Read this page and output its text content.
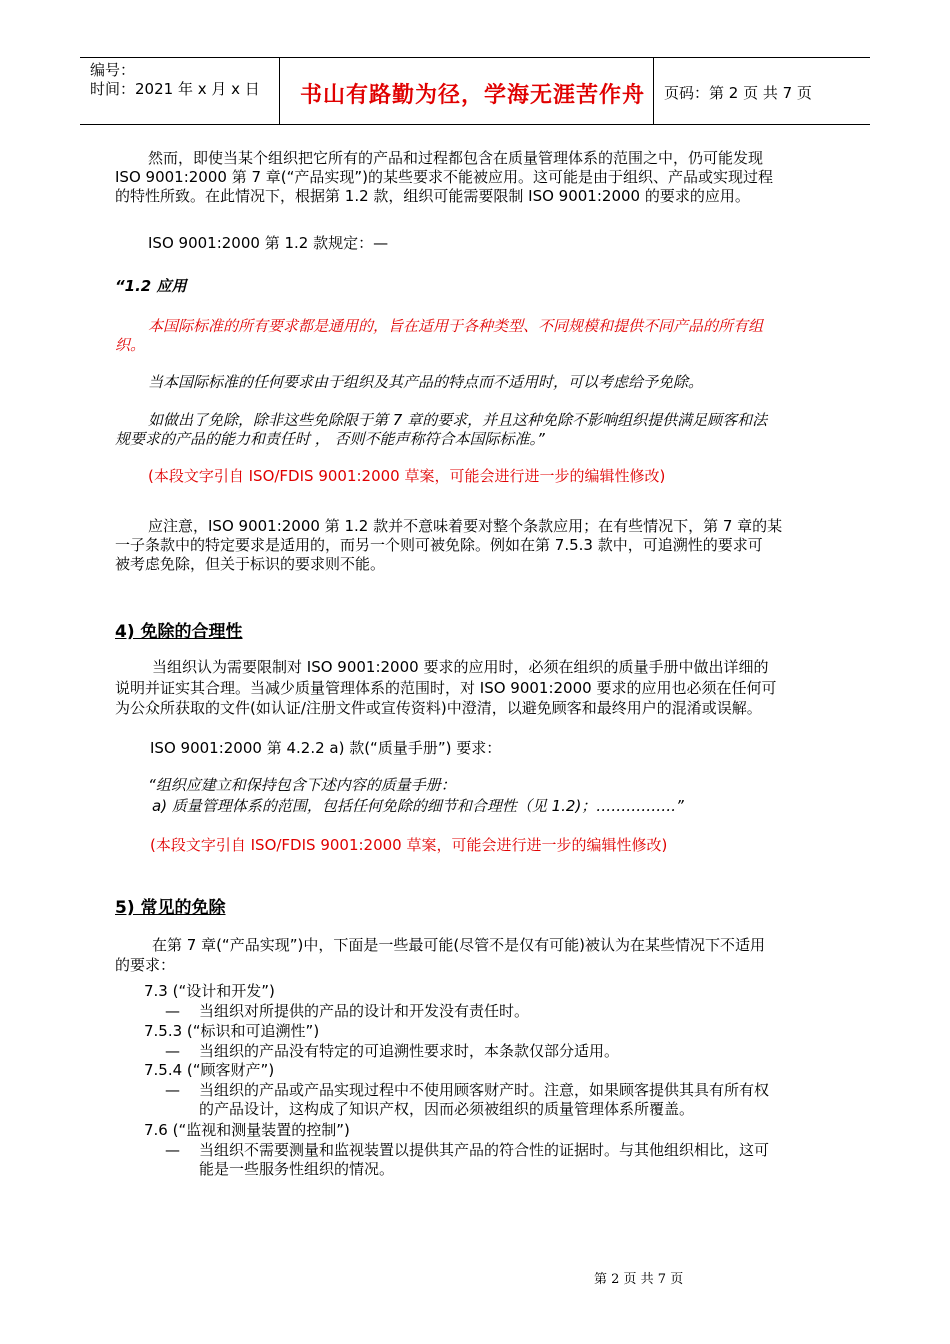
编号：
时间：2021 年 x 月 x 日 书山有路勤为径，学海无涯苦作舟 页码：第 2 页 共 7 页
然而，即使当某个组织把它所有的产品和过程都包含在质量管理体系的范围之中，仍可能发现
ISO 9001:2000 第 7 章(“产品实现”)的某些要求不能被应用。这可能是由于组织、产品或实现过程
的特性所致。在此情况下，根据第 1.2 款，组织可能需要限制 ISO 9001:2000 的要求的应用。
ISO 9001:2000 第 1.2 款规定：—
“1.2 应用
本国际标准的所有要求都是通用的，旨在适用于各种类型、不同规模和提供不同产品的所有组
织。
当本国际标准的任何要求由于组织及其产品的特点而不适用时，可以考虑给予免除。
如做出了免除，除非这些免除限于第 7 章的要求，并且这种免除不影响组织提供满足顾客和法
规要求的产品的能力和责任时 ， 否则不能声称符合本国际标准。”
(本段文字引自 ISO/FDIS 9001:2000 草案，可能会进行进一步的编辑性修改)
应注意，ISO 9001:2000 第 1.2 款并不意味着要对整个条款应用；在有些情况下，第 7 章的某
一子条款中的特定要求是适用的，而另一个则可被免除。例如在第 7.5.3 款中，可追溯性的要求可
被考虑免除，但关于标识的要求则不能。
4) 免除的合理性
当组织认为需要限制对 ISO 9001:2000 要求的应用时，必须在组织的质量手册中做出详细的
说明并证实其合理。当减少质量管理体系的范围时，对 ISO 9001:2000 要求的应用也必须在任何可
为公众所获取的文件(如认证/注册文件或宣传资料)中澄清，以避免顾客和最终用户的混淆或误解。
ISO 9001:2000 第 4.2.2 a) 款(“质量手册”) 要求：
“组织应建立和保持包含下述内容的质量手册：
a) 质量管理体系的范围，包括任何免除的细节和合理性（见 1.2)；…………….”
(本段文字引自 ISO/FDIS 9001:2000 草案，可能会进行进一步的编辑性修改)
5) 常见的免除
在第 7 章(“产品实现”)中，下面是一些最可能(尽管不是仅有可能)被认为在某些情况下不适用
的要求：
7.3 (“设计和开发”)
— 当组织对所提供的产品的设计和开发没有责任时。
7.5.3 (“标识和可追溯性”)
— 当组织的产品没有特定的可追溯性要求时，本条款仅部分适用。
7.5.4 (“顾客财产”)
— 当组织的产品或产品实现过程中不使用顾客财产时。注意，如果顾客提供其具有所有权
的产品设计，这构成了知识产权，因而必须被组织的质量管理体系所覆盖。
7.6 (“监视和测量装置的控制”)
— 当组织不需要测量和监视装置以提供其产品的符合性的证据时。与其他组织相比，这可
能是一些服务性组织的情况。
第 2 页 共 7 页
